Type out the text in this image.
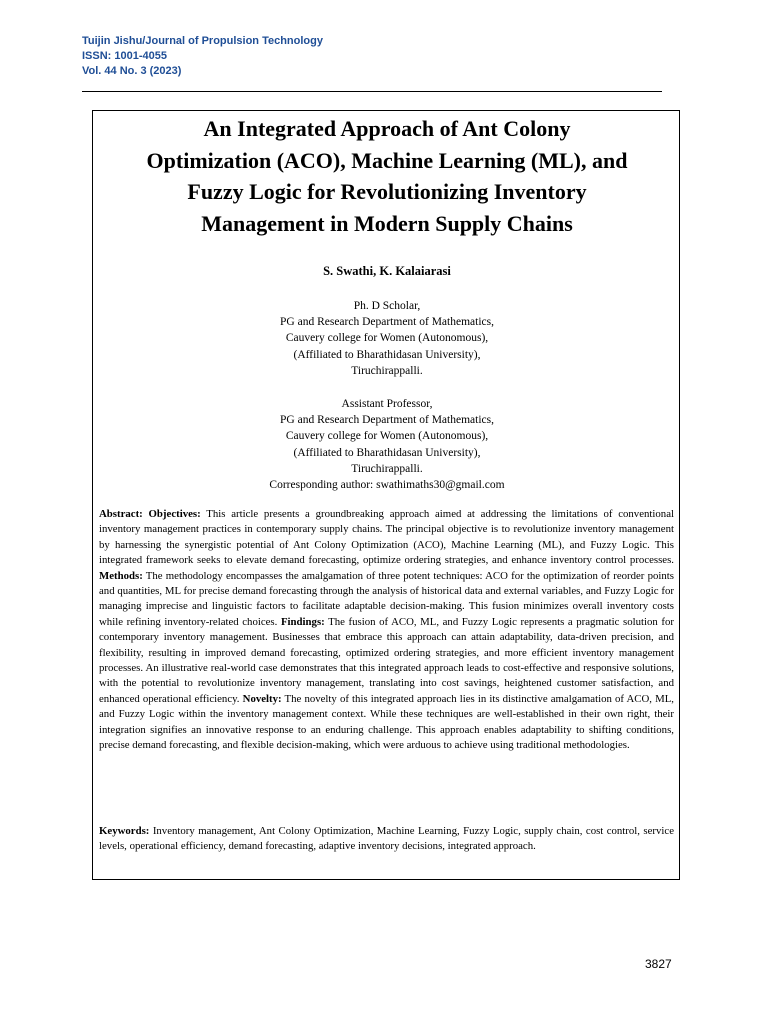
Tuijin Jishu/Journal of Propulsion Technology
ISSN: 1001-4055
Vol. 44 No. 3 (2023)
An Integrated Approach of Ant Colony
Optimization (ACO), Machine Learning (ML), and
Fuzzy Logic for Revolutionizing Inventory
Management in Modern Supply Chains
S. Swathi, K. Kalaiarasi
Ph. D Scholar,
PG and Research Department of Mathematics,
Cauvery college for Women (Autonomous),
(Affiliated to Bharathidasan University),
Tiruchirappalli.
Assistant Professor,
PG and Research Department of Mathematics,
Cauvery college for Women (Autonomous),
(Affiliated to Bharathidasan University),
Tiruchirappalli.
Corresponding author: swathimaths30@gmail.com

Abstract: Objectives: This article presents a groundbreaking approach aimed at addressing the limitations of conventional inventory management practices in contemporary supply chains. The principal objective is to revolutionize inventory management by harnessing the synergistic potential of Ant Colony Optimization (ACO), Machine Learning (ML), and Fuzzy Logic. This integrated framework seeks to elevate demand forecasting, optimize ordering strategies, and enhance inventory control processes. Methods: The methodology encompasses the amalgamation of three potent techniques: ACO for the optimization of reorder points and quantities, ML for precise demand forecasting through the analysis of historical data and external variables, and Fuzzy Logic for managing imprecise and linguistic factors to facilitate adaptable decision-making. This fusion minimizes overall inventory costs while refining inventory-related choices. Findings: The fusion of ACO, ML, and Fuzzy Logic represents a pragmatic solution for contemporary inventory management. Businesses that embrace this approach can attain adaptability, data-driven precision, and flexibility, resulting in improved demand forecasting, optimized ordering strategies, and more efficient inventory management processes. An illustrative real-world case demonstrates that this integrated approach leads to cost-effective and responsive solutions, with the potential to revolutionize inventory management, translating into cost savings, heightened customer satisfaction, and enhanced operational efficiency. Novelty: The novelty of this integrated approach lies in its distinctive amalgamation of ACO, ML, and Fuzzy Logic within the inventory management context. While these techniques are well-established in their own right, their integration signifies an innovative response to an enduring challenge. This approach enables adaptability to shifting conditions, precise demand forecasting, and flexible decision-making, which were arduous to achieve using traditional methodologies.

Keywords: Inventory management, Ant Colony Optimization, Machine Learning, Fuzzy Logic, supply chain, cost control, service levels, operational efficiency, demand forecasting, adaptive inventory decisions, integrated approach.

3827
